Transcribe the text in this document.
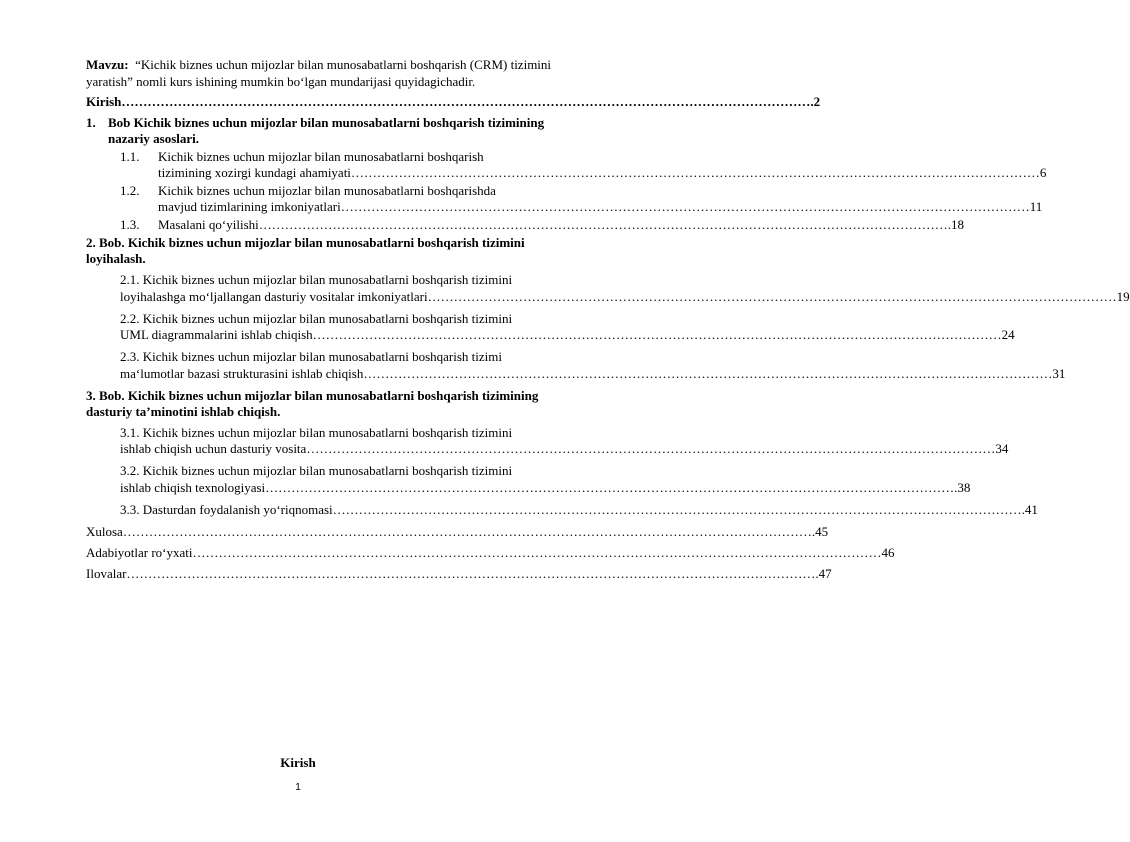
Mavzu: “Kichik biznes uchun mijozlar bilan munosabatlarni boshqarish (CRM) tizimini yaratish” nomli kurs ishining mumkin bo‘lgan mundarijasi quyidagichadir.

Kirish ……………………………………………………………………………………………………………………………………………	.2
1. Bob Kichik biznes uchun mijozlar bilan munosabatlarni boshqarish tizimining nazariy asoslari.
1.1.	Kichik biznes uchun mijozlar bilan munosabatlarni boshqarish
tizimining xozirgi kundagi ahamiyati ……………………………………………………………………………………………………………………………………………	6
1.2.	Kichik biznes uchun mijozlar bilan munosabatlarni boshqarishda
mavjud tizimlarining imkoniyatlari ……………………………………………………………………………………………………………………………………………	11
1.3.	Masalani qo‘yilishi ……………………………………………………………………………………………………………………………………………	.18

2. Bob. Kichik biznes uchun mijozlar bilan munosabatlarni boshqarish tizimini loyihalash.

2.1. Kichik biznes uchun mijozlar bilan munosabatlarni boshqarish tizimini
loyihalashga mo‘ljallangan dasturiy vositalar imkoniyatlari ……………………………………………………………………………………………………………………………………………	19
2.2. Kichik biznes uchun mijozlar bilan munosabatlarni boshqarish tizimini
UML diagrammalarini ishlab chiqish ……………………………………………………………………………………………………………………………………………	24
2.3. Kichik biznes uchun mijozlar bilan munosabatlarni boshqarish tizimi
ma‘lumotlar bazasi strukturasini ishlab chiqish ……………………………………………………………………………………………………………………………………………	31

3. Bob. Kichik biznes uchun mijozlar bilan munosabatlarni boshqarish tizimining dasturiy ta’minotini ishlab chiqish.

3.1. Kichik biznes uchun mijozlar bilan munosabatlarni boshqarish tizimini
ishlab chiqish uchun dasturiy vosita ……………………………………………………………………………………………………………………………………………	34
3.2. Kichik biznes uchun mijozlar bilan munosabatlarni boshqarish tizimini
ishlab chiqish texnologiyasi ……………………………………………………………………………………………………………………………………………	.38
3.3. Dasturdan foydalanish yo‘riqnomasi ……………………………………………………………………………………………………………………………………………	.41
Xulosa ……………………………………………………………………………………………………………………………………………	.45
Adabiyotlar ro‘yxati ……………………………………………………………………………………………………………………………………………	46
Ilovalar ……………………………………………………………………………………………………………………………………………	.47
Kirish
1
